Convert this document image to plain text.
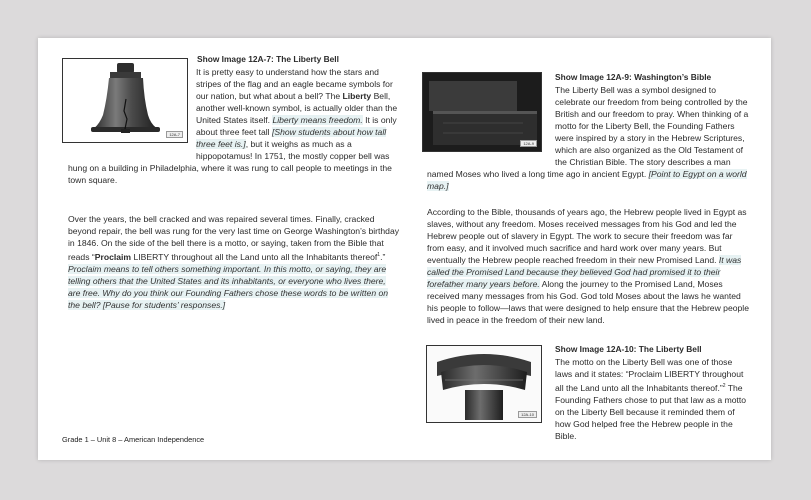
12A-7
Show Image 12A-7: The Liberty Bell
It is pretty easy to understand how the stars and stripes of the flag and an eagle became symbols for our nation, but what about a bell? The Liberty Bell, another well-known symbol, is actually older than the United States itself. Liberty means freedom. It is only about three feet tall [Show students about how tall three feet is.], but it weighs as much as a hippopotamus! In 1751, the mostly copper bell was hung on a building in Philadelphia, where it was rung to call people to meetings in the town square.
Over the years, the bell cracked and was repaired several times. Finally, cracked beyond repair, the bell was rung for the very last time on George Washington’s birthday in 1846. On the side of the bell there is a motto, or saying, taken from the Bible that reads “Proclaim LIBERTY throughout all the Land unto all the Inhabitants thereof$^1$.” Proclaim means to tell others something important. In this motto, or saying, they are telling others that the United States and its inhabitants, or everyone who lives there, are free. Why do you think our Founding Fathers chose these words to be written on the bell? [Pause for students’ responses.]
Grade 1 – Unit 8 – American Independence
12A-9
Show Image 12A-9: Washington’s Bible
The Liberty Bell was a symbol designed to celebrate our freedom from being controlled by the British and our freedom to pray. When thinking of a motto for the Liberty Bell, the Founding Fathers were inspired by a story in the Hebrew Scriptures, which are also organized as the Old Testament of the Christian Bible. The story describes a man named Moses who lived a long time ago in ancient Egypt. [Point to Egypt on a world map.]
According to the Bible, thousands of years ago, the Hebrew people lived in Egypt as slaves, without any freedom. Moses received messages from his God and led the Hebrew people out of slavery in Egypt. The work to secure their freedom was far from easy, and it involved much sacrifice and hard work over many years. But eventually the Hebrew people reached freedom in their new Promised Land. It was called the Promised Land because they believed God had promised it to their forefather many years before. Along the journey to the Promised Land, Moses received many messages from his God. God told Moses about the laws he wanted his people to follow—laws that were designed to help ensure that the Hebrew people lived in peace in the freedom of their new land.
12A-10
Show Image 12A-10: The Liberty Bell
The motto on the Liberty Bell was one of those laws and it states: “Proclaim LIBERTY throughout all the Land unto all the Inhabitants thereof.”$^2$ The Founding Fathers chose to put that law as a motto on the Liberty Bell because it reminded them of how God helped free the Hebrew people in the Bible.
